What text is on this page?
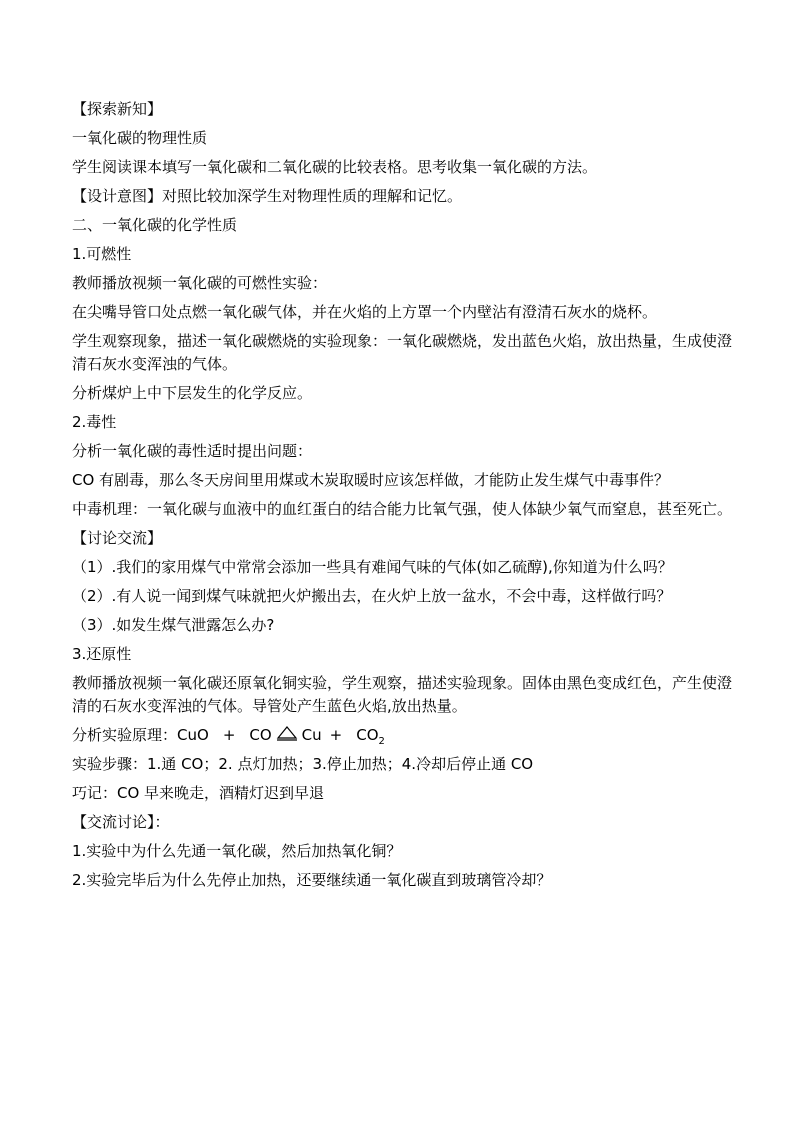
【探索新知】

一氧化碳的物理性质

学生阅读课本填写一氧化碳和二氧化碳的比较表格。思考收集一氧化碳的方法。

【设计意图】对照比较加深学生对物理性质的理解和记忆。

二、一氧化碳的化学性质

1.可燃性

教师播放视频一氧化碳的可燃性实验：

在尖嘴导管口处点燃一氧化碳气体，并在火焰的上方罩一个内壁沾有澄清石灰水的烧杯。

学生观察现象，描述一氧化碳燃烧的实验现象：一氧化碳燃烧，发出蓝色火焰，放出热量，生成使澄清石灰水变浑浊的气体。

分析煤炉上中下层发生的化学反应。

2.毒性

分析一氧化碳的毒性适时提出问题：

CO 有剧毒，那么冬天房间里用煤或木炭取暖时应该怎样做，才能防止发生煤气中毒事件？

中毒机理：一氧化碳与血液中的血红蛋白的结合能力比氧气强，使人体缺少氧气而窒息，甚至死亡。

【讨论交流】

（1）.我们的家用煤气中常常会添加一些具有难闻气味的气体(如乙硫醇),你知道为什么吗？

（2）.有人说一闻到煤气味就把火炉搬出去，在火炉上放一盆水，不会中毒，这样做行吗？

（3）.如发生煤气泄露怎么办?

3.还原性

教师播放视频一氧化碳还原氧化铜实验，学生观察，描述实验现象。固体由黑色变成红色，产生使澄清的石灰水变浑浊的气体。导管处产生蓝色火焰,放出热量。

分析实验原理： CuO + CO $Cu + CO_2$

实验步骤：1.通 CO；2. 点灯加热；3.停止加热；4.冷却后停止通 CO

巧记：CO 早来晚走，酒精灯迟到早退

【交流讨论】：

1.实验中为什么先通一氧化碳，然后加热氧化铜？

2.实验完毕后为什么先停止加热，还要继续通一氧化碳直到玻璃管冷却？
